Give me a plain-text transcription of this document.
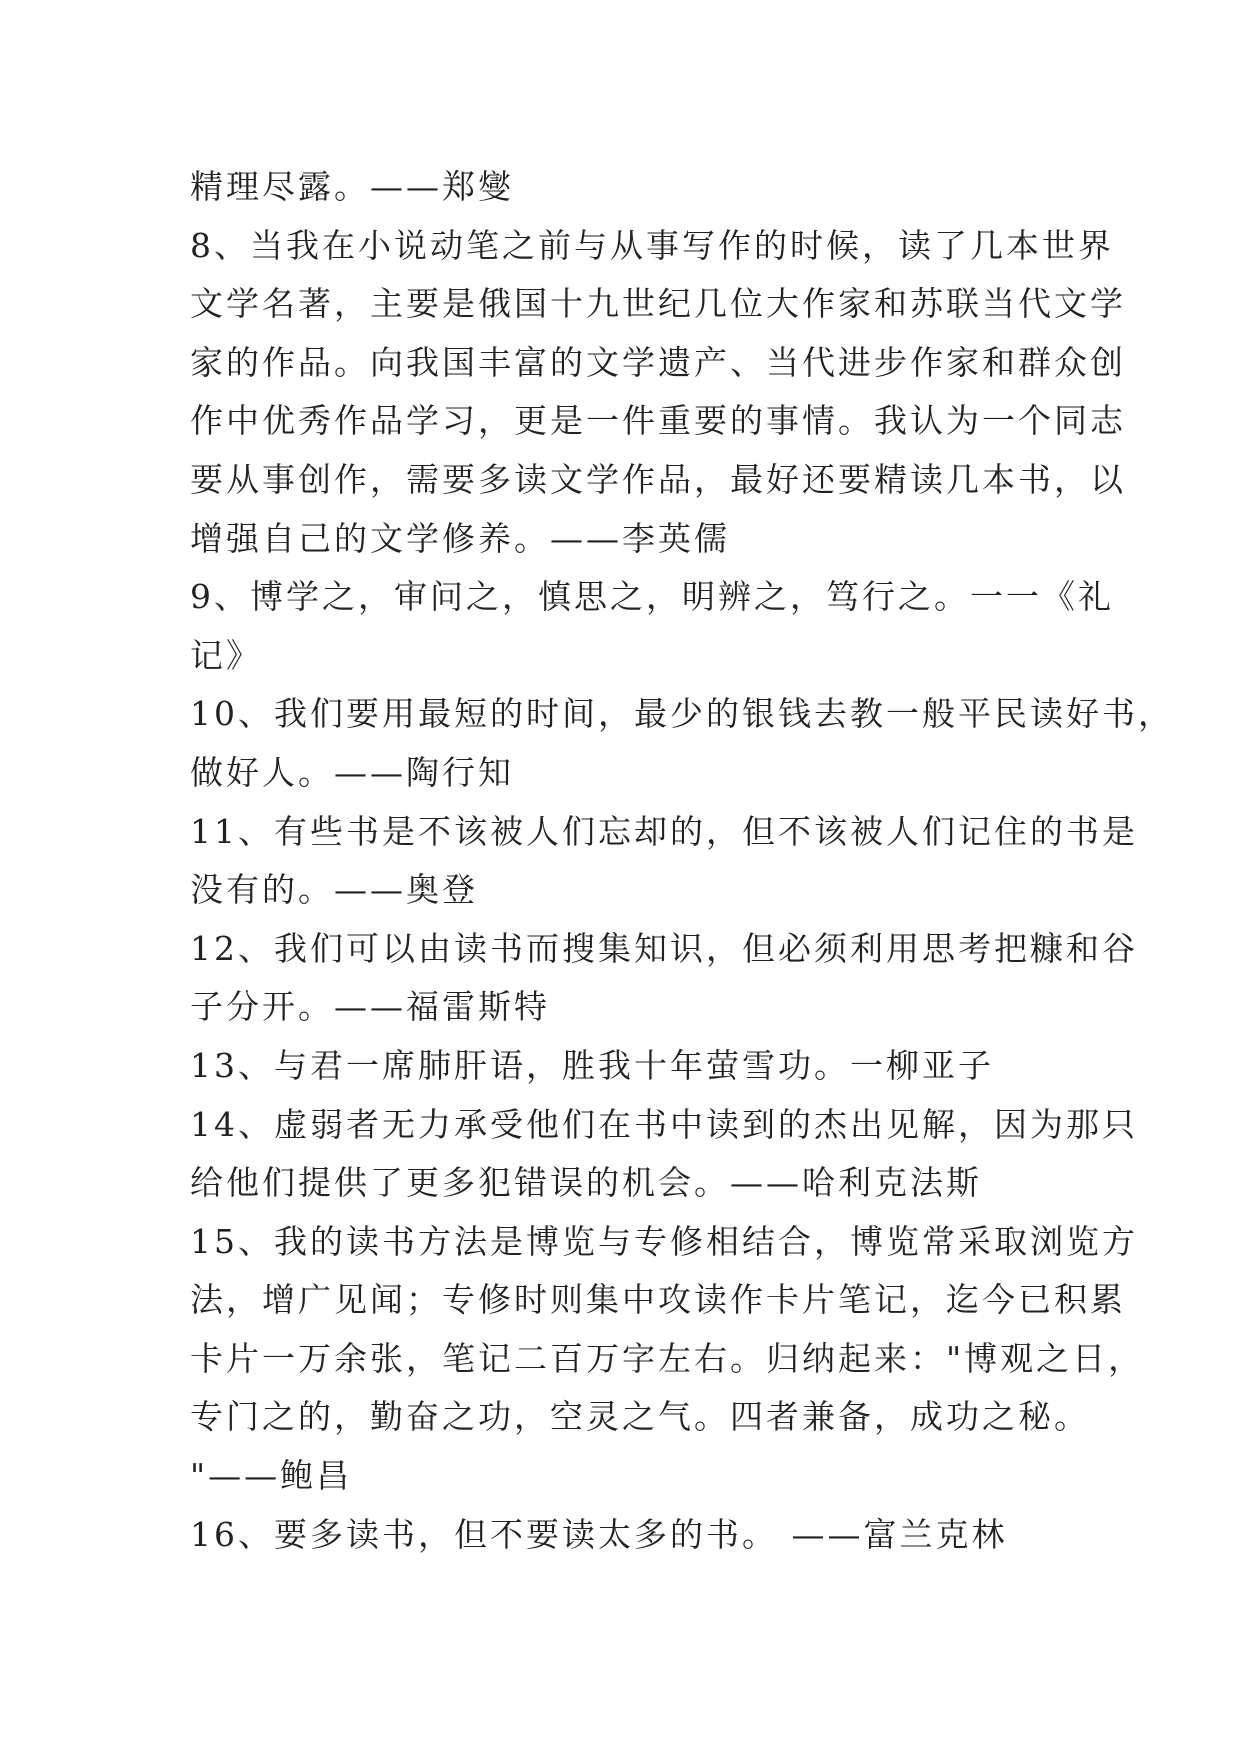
精理尽露。——郑燮
8、当我在小说动笔之前与从事写作的时候，读了几本世界
文学名著，主要是俄国十九世纪几位大作家和苏联当代文学
家的作品。向我国丰富的文学遗产、当代进步作家和群众创
作中优秀作品学习，更是一件重要的事情。我认为一个同志
要从事创作，需要多读文学作品，最好还要精读几本书，以
增强自己的文学修养。——李英儒
9、博学之，审问之，慎思之，明辨之，笃行之。一一《礼
记》
10、我们要用最短的时间，最少的银钱去教一般平民读好书，
做好人。——陶行知
11、有些书是不该被人们忘却的，但不该被人们记住的书是
没有的。——奥登
12、我们可以由读书而搜集知识，但必须利用思考把糠和谷
子分开。——福雷斯特
13、与君一席肺肝语，胜我十年萤雪功。一柳亚子
14、虚弱者无力承受他们在书中读到的杰出见解，因为那只
给他们提供了更多犯错误的机会。——哈利克法斯
15、我的读书方法是博览与专修相结合，博览常采取浏览方
法，增广见闻；专修时则集中攻读作卡片笔记，迄今已积累
卡片一万余张，笔记二百万字左右。归纳起来："博观之日，
专门之的，勤奋之功，空灵之气。四者兼备，成功之秘。
"——鲍昌
16、要多读书，但不要读太多的书。 ——富兰克林
